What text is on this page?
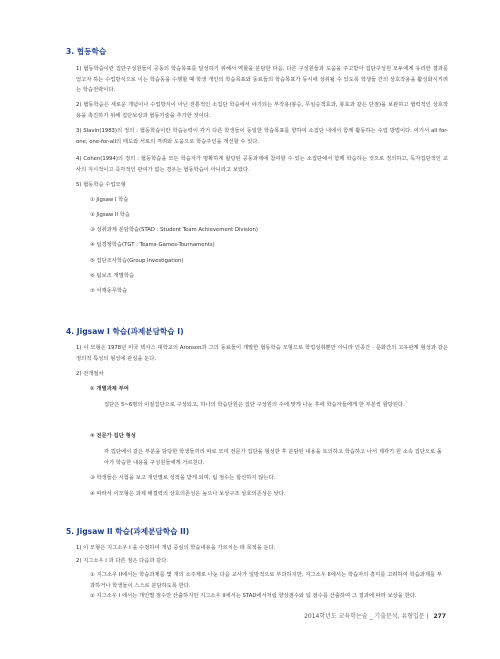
3. 협동학습
1) 협동학습이란 집단구성원들이 공동의 학습목표를 달성하기 위해서 역할을 분담한 다음, 다른 구성원들과 도움을 주고받아 집단구성원 모두에게 유리한 결과를 얻고자 하는 수업방식으로 이는 학습동을 수행할 때 학생 개인의 학습목표와 동료들의 학습목표가 동시에 성취될 수 있도록 학생들 간의 상호작용을 활성화시키려는 학습전략이다.
2) 협동학습은 새로운 개념이나 수업방식이 아닌 전통적인 소집단 학습에서 야기되는 부작용(봉승, 무임승객효과, 봉효과 같은 단점)을 보완하고 협력적인 상호작용을 촉진하기 위해 집단보상과 협동기술을 추가한 것이다.
3) Slavin(1983)의 정의 : 협동학습이란 학습능력이 각기 다른 학생들이 동일한 학습목표를 향하여 소집단 내에서 함께 활동하는 수업 방법이다. 여기서 all for-one, one-for-all의 태도와 서로의 격려와 도움으로 학습주인을 개선할 수 있다.
4) Cohen(1994)의 정의 : 협동학습을 모든 학습자가 명확하게 할당된 공동과제에 참여할 수 있는 소집단에서 함께 학습하는 것으로 정의하고, 독자집단적인 교사의 지시적이고 즉각적인 관여가 없는 경우는 협동학습이 아니라고 보았다.
5) 협동학습 수업모형
① Jigsaw I 학습
② Jigsaw II 학습
③ 성취과제 분담학습(STAD : Student Team Achievement Division)
④ 팀경쟁학습(TGT : Teams-Games-Tournaments)
⑤ 집단조사학습(Group Investigation)
⑥ 팀보조 개별학습
⑦ 어깨동무학습
4. Jigsaw I 학습(과제분담학습 I)
1) 이 모형은 1978년 미국 텍사스 대학교의 Aronson과 그의 동료들이 개발한 협동학습 모형으로 학업성취뿐만 아니라 인종간 · 문화간의 고유관계 형성과 같은 정의적 특성의 형성에 관심을 둔다.
2) 전개절차
① 개별과제 부여
집단은 5~6명의 이질집단으로 구성되고, 하나의 학습단원은 집단 구성원의 수에 맞게 나눈 후에 학습자들에게 한 부분씩 할당된다.
② 전문가 집단 형성
각 집단에서 같은 부분을 담당한 학생들끼리 따로 모여 전문가 집단을 형성한 후 분담된 내용을 토의하고 학습하고 나서 제각기 원 소속 집단으로 돌아가 학습한 내용을 구성원들에게 가르친다.
③ 학생들은 시험을 보고 개인별로 성적을 받게 되며, 팀 점수는 합산하지 않는다.
④ 따라서 이모형은 과제 해결력의 상호의존성은 높으나 보상구조 상호의존성은 낮다.
5. Jigsaw II 학습(과제분담학습 II)
1) 이 모형은 지그소우 I 을 수정하여 개념 중심의 학습내용을 가르치는 데 목적을 둔다.
2) 지그소우 I 과 다른 점은 다음과 같다.
① 지그소우 II에서는 학습과제를 몇 개의 소주제로 나눈 다음 교사가 일방적으로 부과하지만, 지그소우 II에서는 학습자의 흥미를 고려하여 학습과제를 부과하거나 학생들이 스스로 분담하도록 한다.
② 지그소우 I 에서는 개인별 점수만 산출하지만 지그소우 II에서는 STAD에서처럼 향상점수와 팀 점수를 산출하여 그 결과에 따라 보상을 한다.
2014학년도 교육학논술 _ 기출분석, 유형입문 | 277
